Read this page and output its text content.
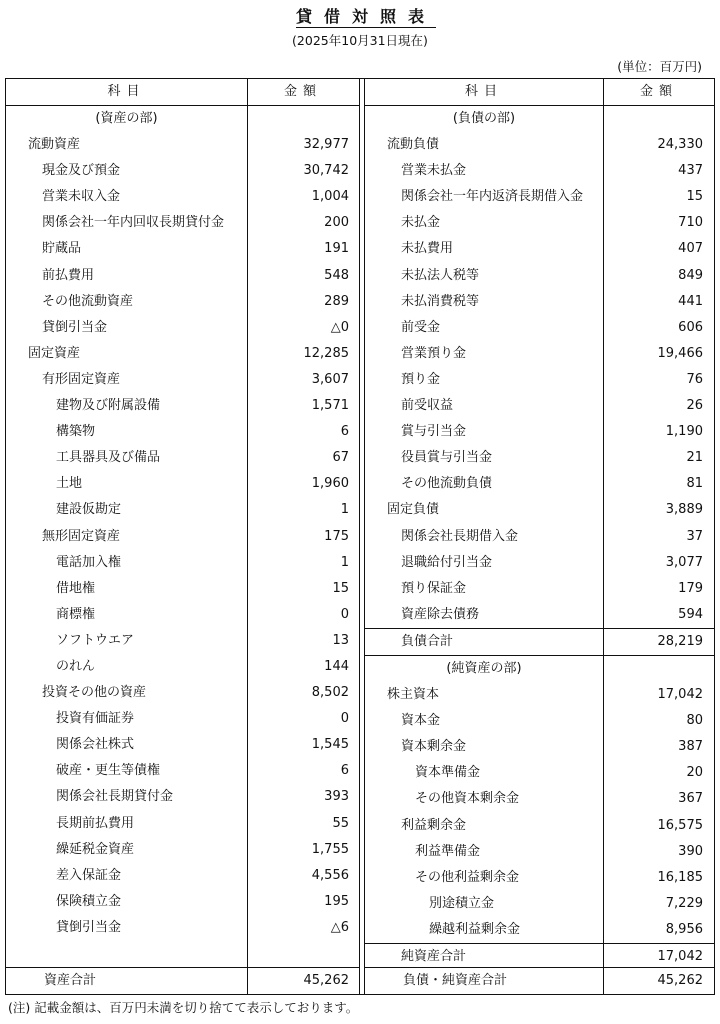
貸借対照表
(2025年10月31日現在)
(単位：百万円)
科目	金額
(資産の部)
流動資産	32,977
現金及び預金	30,742
営業未収入金	1,004
関係会社一年内回収長期貸付金	200
貯蔵品	191
前払費用	548
その他流動資産	289
貸倒引当金	△0
固定資産	12,285
有形固定資産	3,607
建物及び附属設備	1,571
構築物	6
工具器具及び備品	67
土地	1,960
建設仮勘定	1
無形固定資産	175
電話加入権	1
借地権	15
商標権	0
ソフトウエア	13
のれん	144
投資その他の資産	8,502
投資有価証券	0
関係会社株式	1,545
破産・更生等債権	6
関係会社長期貸付金	393
長期前払費用	55
繰延税金資産	1,755
差入保証金	4,556
保険積立金	195
貸倒引当金	△6
資産合計	45,262
科目	金額
(負債の部)
流動負債	24,330
営業未払金	437
関係会社一年内返済長期借入金	15
未払金	710
未払費用	407
未払法人税等	849
未払消費税等	441
前受金	606
営業預り金	19,466
預り金	76
前受収益	26
賞与引当金	1,190
役員賞与引当金	21
その他流動負債	81
固定負債	3,889
関係会社長期借入金	37
退職給付引当金	3,077
預り保証金	179
資産除去債務	594
負債合計	28,219
(純資産の部)
株主資本	17,042
資本金	80
資本剰余金	387
資本準備金	20
その他資本剰余金	367
利益剰余金	16,575
利益準備金	390
その他利益剰余金	16,185
別途積立金	7,229
繰越利益剰余金	8,956
純資産合計	17,042
負債・純資産合計	45,262
(注) 記載金額は、百万円未満を切り捨てて表示しております。
